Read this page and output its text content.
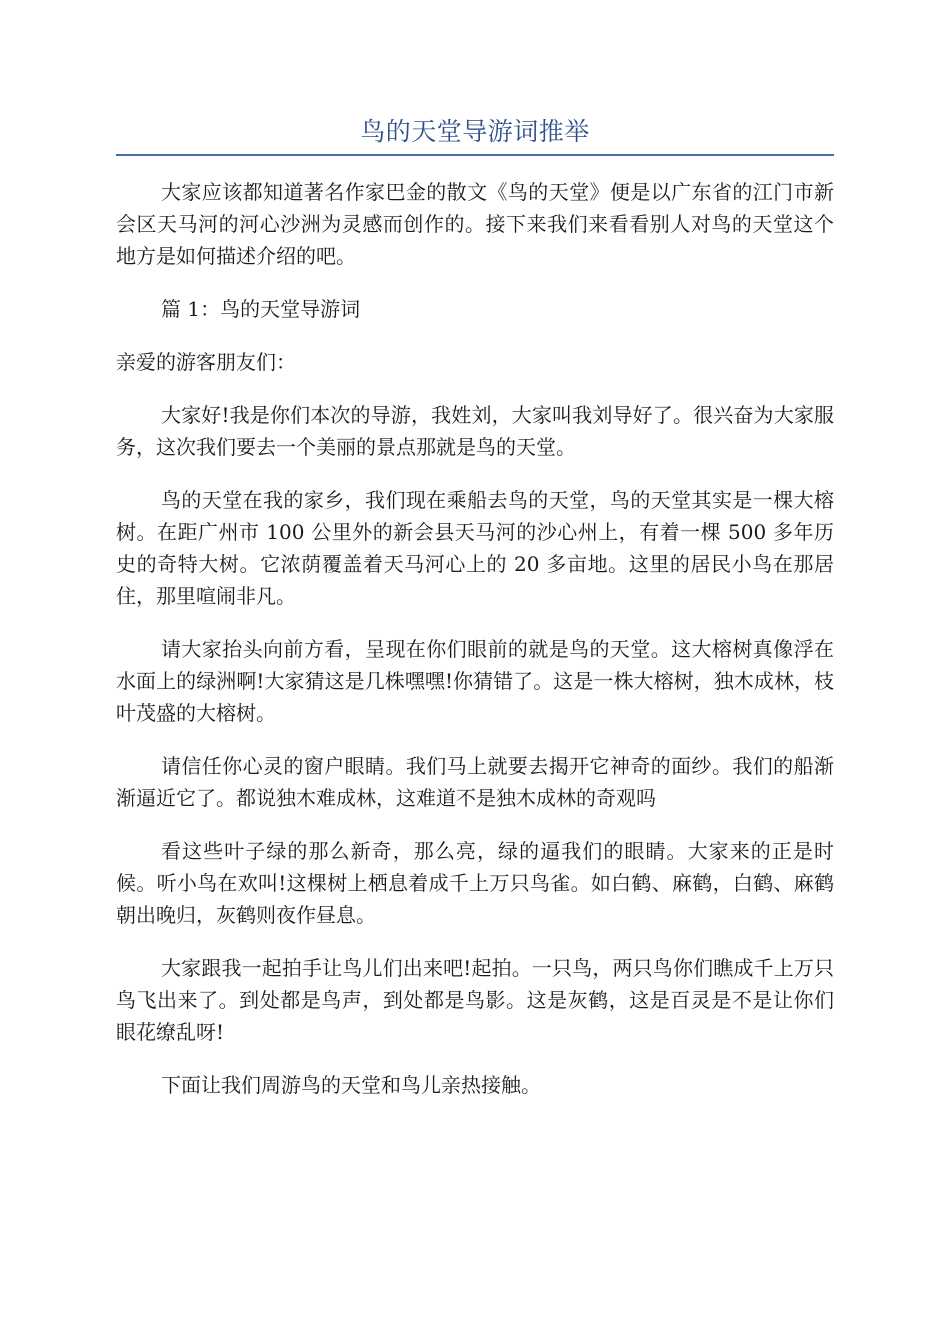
鸟的天堂导游词推举

大家应该都知道著名作家巴金的散文《鸟的天堂》便是以广东省的江门市新会区天马河的河心沙洲为灵感而创作的。接下来我们来看看别人对鸟的天堂这个地方是如何描述介绍的吧。

篇 1：鸟的天堂导游词

亲爱的游客朋友们：

大家好!我是你们本次的导游，我姓刘，大家叫我刘导好了。很兴奋为大家服务，这次我们要去一个美丽的景点那就是鸟的天堂。

鸟的天堂在我的家乡，我们现在乘船去鸟的天堂，鸟的天堂其实是一棵大榕树。在距广州市 100 公里外的新会县天马河的沙心州上，有着一棵 500 多年历史的奇特大树。它浓荫覆盖着天马河心上的 20 多亩地。这里的居民小鸟在那居住，那里喧闹非凡。

请大家抬头向前方看，呈现在你们眼前的就是鸟的天堂。这大榕树真像浮在水面上的绿洲啊!大家猜这是几株嘿嘿!你猜错了。这是一株大榕树，独木成林，枝叶茂盛的大榕树。

请信任你心灵的窗户眼睛。我们马上就要去揭开它神奇的面纱。我们的船渐渐逼近它了。都说独木难成林，这难道不是独木成林的奇观吗

看这些叶子绿的那么新奇，那么亮，绿的逼我们的眼睛。大家来的正是时候。听小鸟在欢叫!这棵树上栖息着成千上万只鸟雀。如白鹤、麻鹤，白鹤、麻鹤朝出晚归，灰鹤则夜作昼息。

大家跟我一起拍手让鸟儿们出来吧!起拍。一只鸟，两只鸟你们瞧成千上万只鸟飞出来了。到处都是鸟声，到处都是鸟影。这是灰鹤，这是百灵是不是让你们眼花缭乱呀!

下面让我们周游鸟的天堂和鸟儿亲热接触。
